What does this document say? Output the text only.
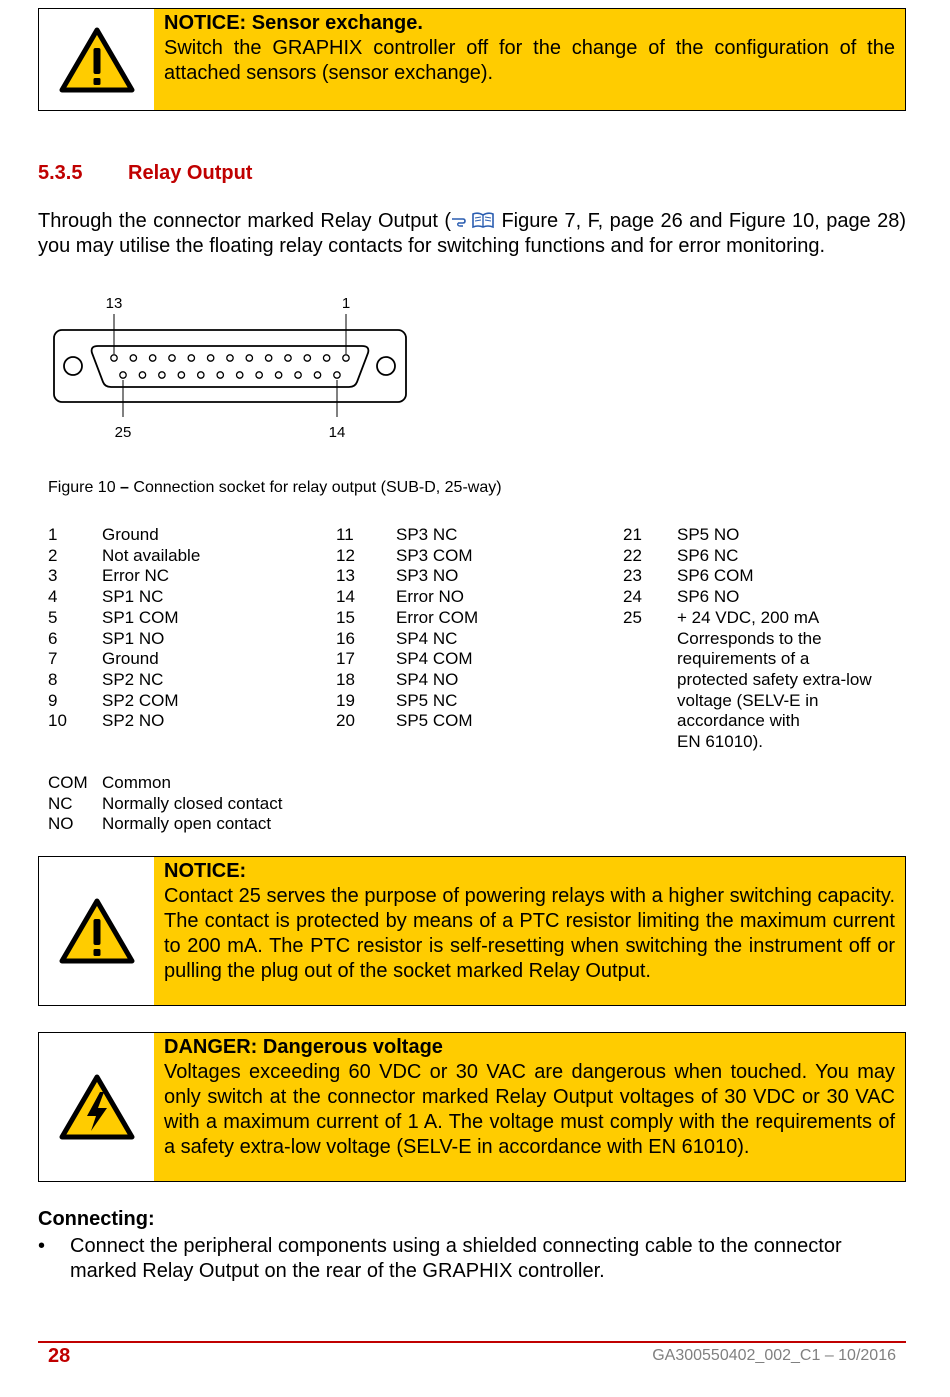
NOTICE: Sensor exchange.
Switch the GRAPHIX controller off for the change of the configuration of the attached sensors (sensor exchange).
5.3.5 Relay Output
Through the connector marked Relay Output ( Figure 7, F, page 26 and Figure 10, page 28) you may utilise the floating relay contacts for switching functions and for error monitoring.
13	1
25	14
Figure 10 – Connection socket for relay output (SUB-D, 25-way)
1	Ground
2	Not available
3	Error NC
4	SP1 NC
5	SP1 COM
6	SP1 NO
7	Ground
8	SP2 NC
9	SP2 COM
10	SP2 NO
11	SP3 NC
12	SP3 COM
13	SP3 NO
14	Error NO
15	Error COM
16	SP4 NC
17	SP4 COM
18	SP4 NO
19	SP5 NC
20	SP5 COM
21	SP5 NO
22	SP6 NC
23	SP6 COM
24	SP6 NO
25	+ 24 VDC, 200 mA
Corresponds to the
requirements of a
protected safety extra-low
voltage (SELV-E in
accordance with
EN 61010).
COM Common
NC	Normally closed contact
NO	Normally open contact
NOTICE:
Contact 25 serves the purpose of powering relays with a higher switching capacity. The contact is protected by means of a PTC resistor limiting the maximum current to 200 mA. The PTC resistor is self-resetting when switching the instrument off or pulling the plug out of the socket marked Relay Output.
DANGER: Dangerous voltage
Voltages exceeding 60 VDC or 30 VAC are dangerous when touched. You may only switch at the connector marked Relay Output voltages of 30 VDC or 30 VAC with a maximum current of 1 A. The voltage must comply with the requirements of a safety extra-low voltage (SELV-E in accordance with EN 61010).
Connecting:
•	Connect the peripheral components using a shielded connecting cable to the connector marked Relay Output on the rear of the GRAPHIX controller.
28	GA300550402_002_C1 – 10/2016
